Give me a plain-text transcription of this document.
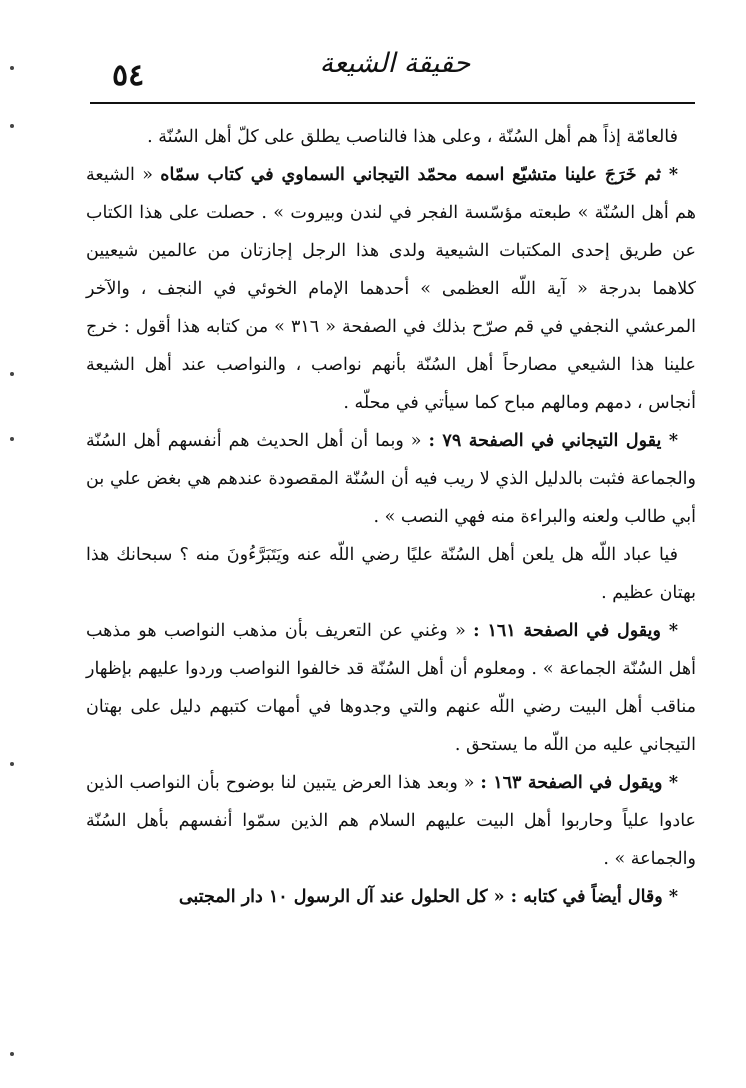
٥٤	حقيقة الشيعة

فالعامّة إذاً هم أهل السُنّة ، وعلى هذا فالناصب يطلق على كلّ أهل السُنّة .

* ثم خَرَجَ علينا متشيّع اسمه محمّد التيجاني السماوي في كتاب سمّاه « الشيعة هم أهل السُنّة » طبعته مؤسّسة الفجر في لندن وبيروت » . حصلت على هذا الكتاب عن طريق إحدى المكتبات الشيعية ولدى هذا الرجل إجازتان من عالمين شيعيين كلاهما بدرجة « آية اللّه العظمى » أحدهما الإمام الخوئي في النجف ، والآخر المرعشي النجفي في قم صرّح بذلك في الصفحة « ٣١٦ » من كتابه هذا أقول : خرج علينا هذا الشيعي مصارحاً أهل السُنّة بأنهم نواصب ، والنواصب عند أهل الشيعة أنجاس ، دمهم ومالهم مباح كما سيأتي في محلّه .

* يقول التيجاني في الصفحة ٧٩ : « وبما أن أهل الحديث هم أنفسهم أهل السُنّة والجماعة فثبت بالدليل الذي لا ريب فيه أن السُنّة المقصودة عندهم هي بغض علي بن أبي طالب ولعنه والبراءة منه فهي النصب » .

فيا عباد اللّه هل يلعن أهل السُنّة عليًا رضي اللّه عنه ويَتَبَرَّءُونَ منه ؟ سبحانك هذا بهتان عظيم .

* ويقول في الصفحة ١٦١ : « وغني عن التعريف بأن مذهب النواصب هو مذهب أهل السُنّة الجماعة » . ومعلوم أن أهل السُنّة قد خالفوا النواصب وردوا عليهم بإظهار مناقب أهل البيت رضي اللّه عنهم والتي وجدوها في أمهات كتبهم دليل على بهتان التيجاني عليه من اللّه ما يستحق .

* ويقول في الصفحة ١٦٣ : « وبعد هذا العرض يتبين لنا بوضوح بأن النواصب الذين عادوا علياً وحاربوا أهل البيت عليهم السلام هم الذين سمّوا أنفسهم بأهل السُنّة والجماعة » .

* وقال أيضاً في كتابه : « كل الحلول عند آل الرسول ١٠ دار المجتبى
